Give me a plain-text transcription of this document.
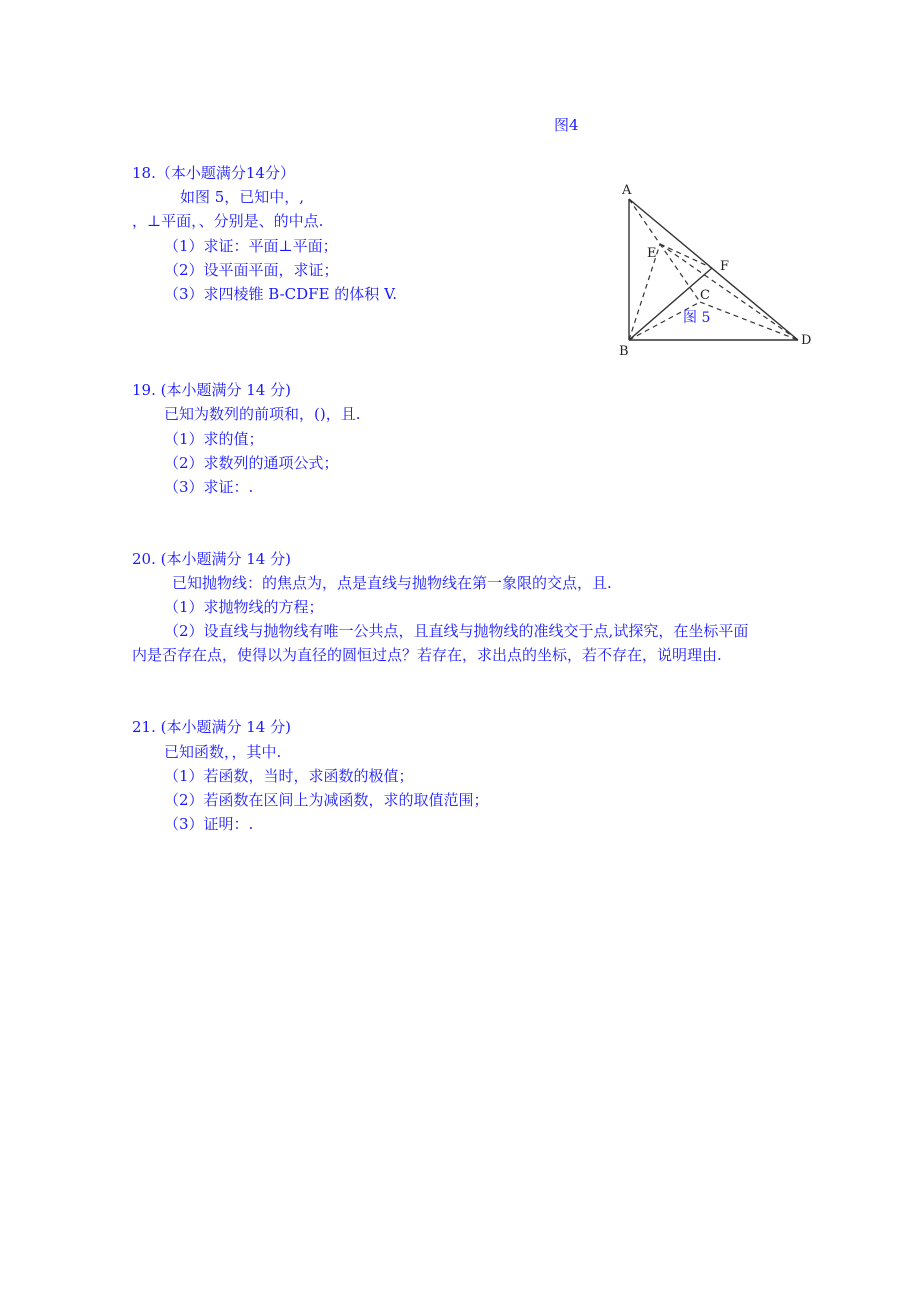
图4
18.（本小题满分14分）
如图 5，已知中，,
，⊥平面，、分别是、的中点.
（1）求证：平面⊥平面；
（2）设平面平面，求证；
（3）求四棱锥 B-CDFE 的体积 V.
A
B
C
D
E
F
图 5
19. (本小题满分 14 分)
已知为数列的前项和，()，且.
（1）求的值；
（2）求数列的通项公式；
（3）求证：.
20. (本小题满分 14 分)
已知抛物线：的焦点为，点是直线与抛物线在第一象限的交点，且.
（1）求抛物线的方程；
（2）设直线与抛物线有唯一公共点，且直线与抛物线的准线交于点,试探究，在坐标平面
内是否存在点，使得以为直径的圆恒过点？若存在，求出点的坐标，若不存在，说明理由.
21. (本小题满分 14 分)
已知函数，，其中.
（1）若函数，当时，求函数的极值；
（2）若函数在区间上为减函数，求的取值范围；
（3）证明：.
